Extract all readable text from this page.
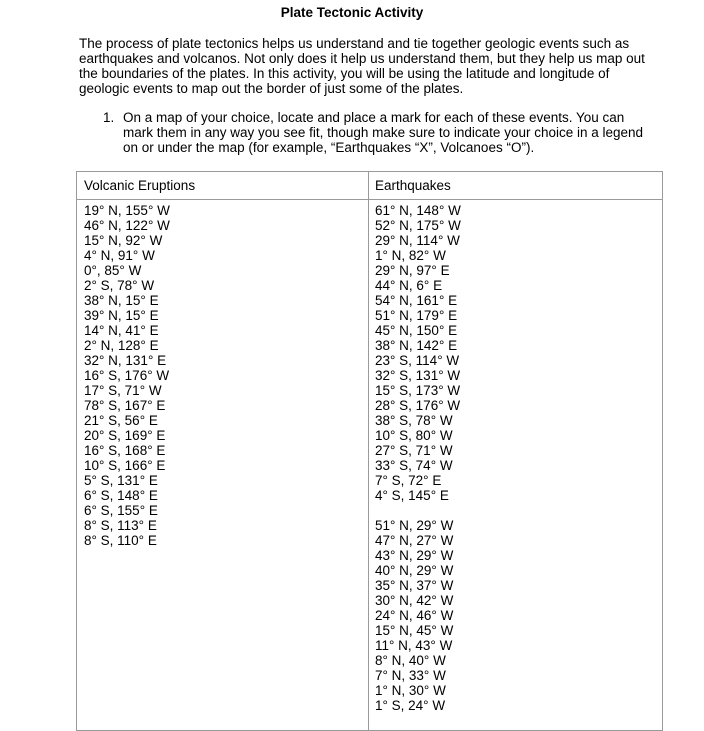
Plate Tectonic Activity
The process of plate tectonics helps us understand and tie together geologic events such as
earthquakes and volcanos. Not only does it help us understand them, but they help us map out
the boundaries of the plates. In this activity, you will be using the latitude and longitude of
geologic events to map out the border of just some of the plates.
1. On a map of your choice, locate and place a mark for each of these events. You can
mark them in any way you see fit, though make sure to indicate your choice in a legend
on or under the map (for example, “Earthquakes “X”, Volcanoes “O”).
Volcanic Eruptions	Earthquakes
19° N, 155° W
46° N, 122° W
15° N, 92° W
4° N, 91° W
0°, 85° W
2° S, 78° W
38° N, 15° E
39° N, 15° E
14° N, 41° E
2° N, 128° E
32° N, 131° E
16° S, 176° W
17° S, 71° W
78° S, 167° E
21° S, 56° E
20° S, 169° E
16° S, 168° E
10° S, 166° E
5° S, 131° E
6° S, 148° E
6° S, 155° E
8° S, 113° E
8° S, 110° E
61° N, 148° W
52° N, 175° W
29° N, 114° W
1° N, 82° W
29° N, 97° E
44° N, 6° E
54° N, 161° E
51° N, 179° E
45° N, 150° E
38° N, 142° E
23° S, 114° W
32° S, 131° W
15° S, 173° W
28° S, 176° W
38° S, 78° W
10° S, 80° W
27° S, 71° W
33° S, 74° W
7° S, 72° E
4° S, 145° E
51° N, 29° W
47° N, 27° W
43° N, 29° W
40° N, 29° W
35° N, 37° W
30° N, 42° W
24° N, 46° W
15° N, 45° W
11° N, 43° W
8° N, 40° W
7° N, 33° W
1° N, 30° W
1° S, 24° W
